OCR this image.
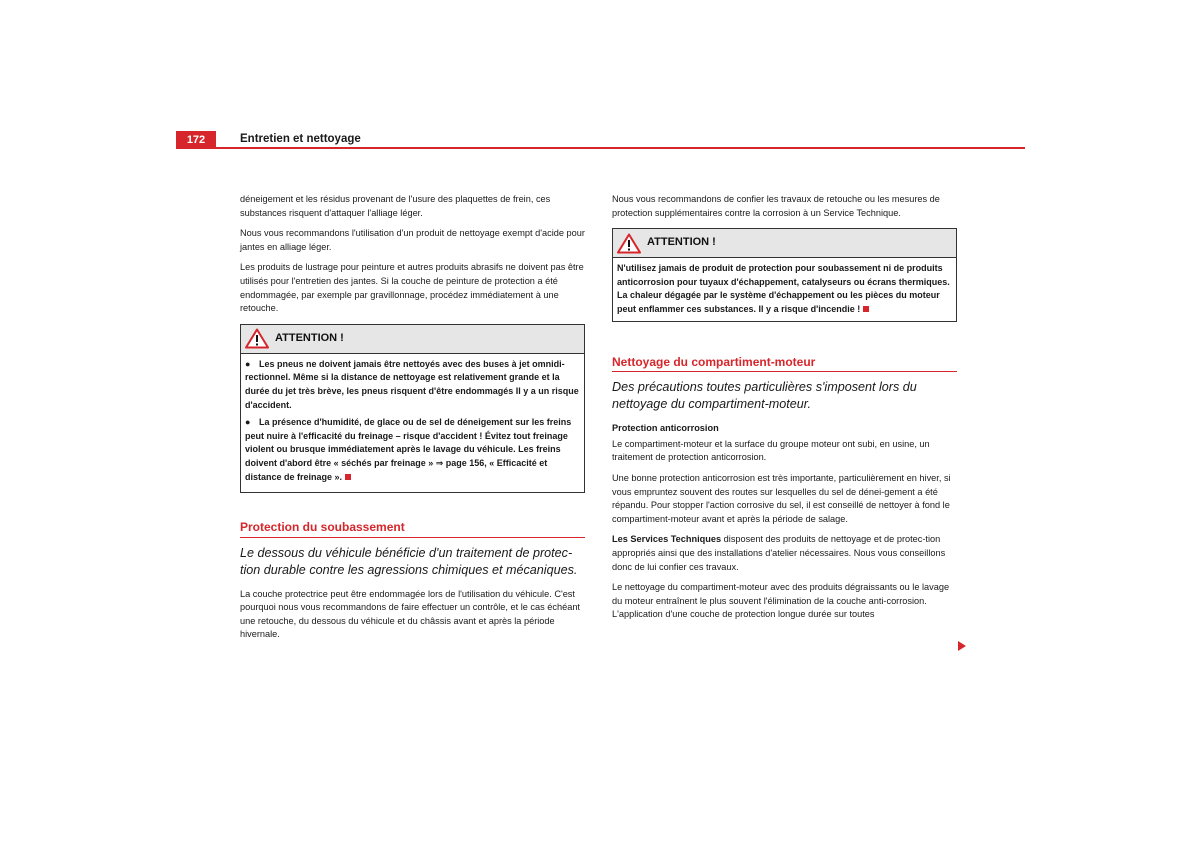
172	Entretien et nettoyage

déneigement et les résidus provenant de l'usure des plaquettes de frein, ces substances risquent d'attaquer l'alliage léger.

Nous vous recommandons l'utilisation d'un produit de nettoyage exempt d'acide pour jantes en alliage léger.

Les produits de lustrage pour peinture et autres produits abrasifs ne doivent pas être utilisés pour l'entretien des jantes. Si la couche de peinture de protection a été endommagée, par exemple par gravillonnage, procédez immédiatement à une retouche.

ATTENTION !
● Les pneus ne doivent jamais être nettoyés avec des buses à jet omnidi-rectionnel. Même si la distance de nettoyage est relativement grande et la durée du jet très brève, les pneus risquent d'être endommagés Il y a un risque d'accident.
● La présence d'humidité, de glace ou de sel de déneigement sur les freins peut nuire à l'efficacité du freinage – risque d'accident ! Évitez tout freinage violent ou brusque immédiatement après le lavage du véhicule. Les freins doivent d'abord être « séchés par freinage » ⇒ page 156, « Efficacité et distance de freinage ».
Protection du soubassement
Le dessous du véhicule bénéficie d'un traitement de protec-tion durable contre les agressions chimiques et mécaniques.

La couche protectrice peut être endommagée lors de l'utilisation du véhicule. C'est pourquoi nous vous recommandons de faire effectuer un contrôle, et le cas échéant une retouche, du dessous du véhicule et du châssis avant et après la période hivernale.

Nous vous recommandons de confier les travaux de retouche ou les mesures de protection supplémentaires contre la corrosion à un Service Technique.

ATTENTION !
N'utilisez jamais de produit de protection pour soubassement ni de produits anticorrosion pour tuyaux d'échappement, catalyseurs ou écrans thermiques. La chaleur dégagée par le système d'échappement ou les pièces du moteur peut enflammer ces substances. Il y a risque d'incendie !
Nettoyage du compartiment-moteur
Des précautions toutes particulières s'imposent lors du nettoyage du compartiment-moteur.
Protection anticorrosion

Le compartiment-moteur et la surface du groupe moteur ont subi, en usine, un traitement de protection anticorrosion.

Une bonne protection anticorrosion est très importante, particulièrement en hiver, si vous empruntez souvent des routes sur lesquelles du sel de dénei-gement a été répandu. Pour stopper l'action corrosive du sel, il est conseillé de nettoyer à fond le compartiment-moteur avant et après la période de salage.

Les Services Techniques disposent des produits de nettoyage et de protec-tion appropriés ainsi que des installations d'atelier nécessaires. Nous vous conseillons donc de lui confier ces travaux.

Le nettoyage du compartiment-moteur avec des produits dégraissants ou le lavage du moteur entraînent le plus souvent l'élimination de la couche anti-corrosion. L'application d'une couche de protection longue durée sur toutes
